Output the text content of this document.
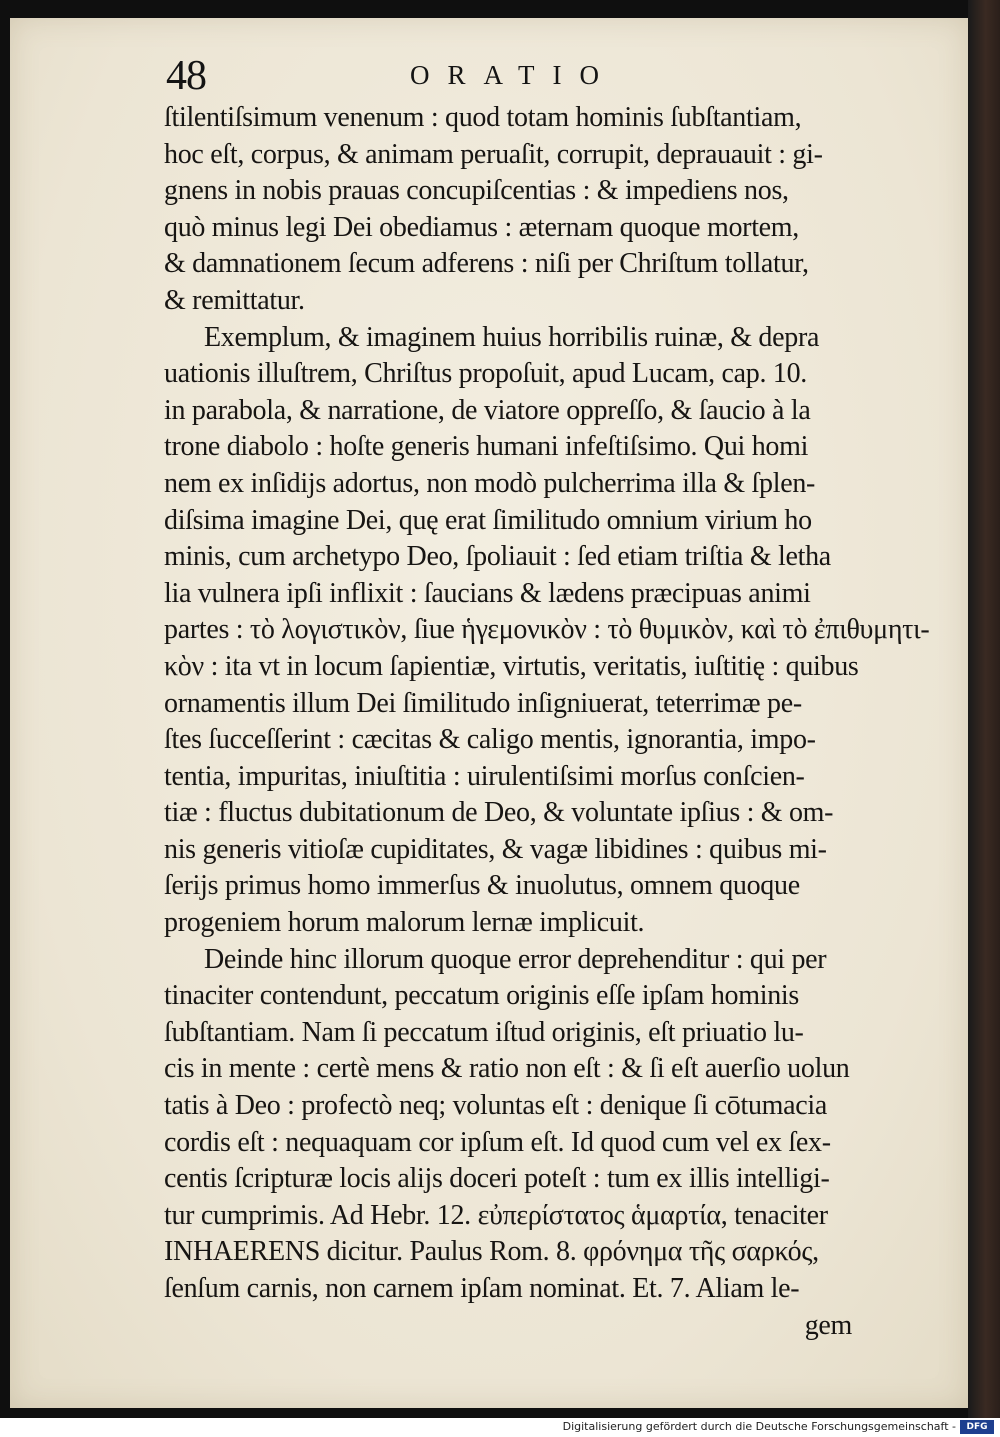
48	ORATIO
ſtilentiſsimum venenum : quod totam hominis ſubſtantiam,
hoc eſt, corpus, & animam peruaſit, corrupit, deprauauit : gi-
gnens in nobis prauas concupiſcentias : & impediens nos,
quò minus legi Dei obediamus : æternam quoque mortem,
& damnationem ſecum adferens : niſi per Chriſtum tollatur,
& remittatur.
Exemplum, & imaginem huius horribilis ruinæ, & depra
uationis illuſtrem, Chriſtus propoſuit, apud Lucam, cap. 10.
in parabola, & narratione, de viatore oppreſſo, & ſaucio à la
trone diabolo : hoſte generis humani infeſtiſsimo. Qui homi
nem ex inſidijs adortus, non modò pulcherrima illa & ſplen-
diſsima imagine Dei, quę erat ſimilitudo omnium virium ho
minis, cum archetypo Deo, ſpoliauit : ſed etiam triſtia & letha
lia vulnera ipſi inflixit : ſaucians & lædens præcipuas animi
partes : τὸ λογιστικὸν, ſiue ἡγεμονικὸν : τὸ θυμικὸν, καὶ τὸ ἐπιθυμητι-
κὸν : ita vt in locum ſapientiæ, virtutis, veritatis, iuſtitię : quibus
ornamentis illum Dei ſimilitudo inſigniuerat, teterrimæ pe-
ſtes ſucceſſerint : cæcitas & caligo mentis, ignorantia, impo-
tentia, impuritas, iniuſtitia : uirulentiſsimi morſus conſcien-
tiæ : fluctus dubitationum de Deo, & voluntate ipſius : & om-
nis generis vitioſæ cupiditates, & vagæ libidines : quibus mi-
ſerijs primus homo immerſus & inuolutus, omnem quoque
progeniem horum malorum lernæ implicuit.
Deinde hinc illorum quoque error deprehenditur : qui per
tinaciter contendunt, peccatum originis eſſe ipſam hominis
ſubſtantiam. Nam ſi peccatum iſtud originis, eſt priuatio lu-
cis in mente : certè mens & ratio non eſt : & ſi eſt auerſio uolun
tatis à Deo : profectò neq; voluntas eſt : denique ſi cōtumacia
cordis eſt : nequaquam cor ipſum eſt. Id quod cum vel ex ſex-
centis ſcripturæ locis alijs doceri poteſt : tum ex illis intelligi-
tur cumprimis. Ad Hebr. 12. εὐπερίστατος ἁμαρτία, tenaciter
INHAERENS dicitur. Paulus Rom. 8. φρόνημα τῆς σαρκός,
ſenſum carnis, non carnem ipſam nominat. Et. 7. Aliam le-
gem
Digitalisierung gefördert durch die Deutsche Forschungsgemeinschaft -	DFG
